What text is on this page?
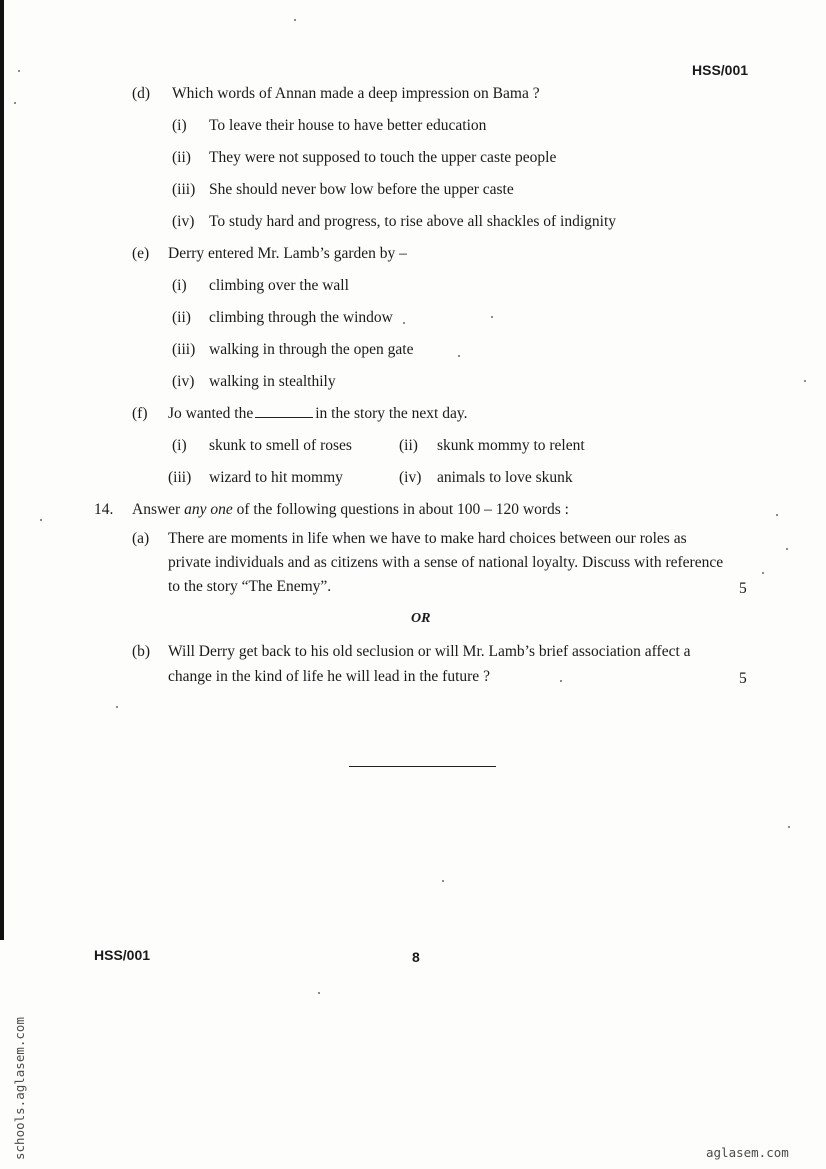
HSS/001
(d) Which words of Annan made a deep impression on Bama ?
(i) To leave their house to have better education
(ii) They were not supposed to touch the upper caste people
(iii) She should never bow low before the upper caste
(iv) To study hard and progress, to rise above all shackles of indignity
(e) Derry entered Mr. Lamb’s garden by –
(i) climbing over the wall
(ii) climbing through the window
(iii) walking in through the open gate
(iv) walking in stealthily
(f) Jo wanted the	in the story the next day.
(i) skunk to smell of roses	(ii) skunk mommy to relent
(iii) wizard to hit mommy	(iv) animals to love skunk
14. Answer any one of the following questions in about 100 – 120 words :
(a) There are moments in life when we have to make hard choices between our roles as
private individuals and as citizens with a sense of national loyalty. Discuss with reference
to the story “The Enemy”.	5
OR
(b) Will Derry get back to his old seclusion or will Mr. Lamb’s brief association affect a
change in the kind of life he will lead in the future ?	5
HSS/001	8
schools.aglasem.com	aglasem.com
